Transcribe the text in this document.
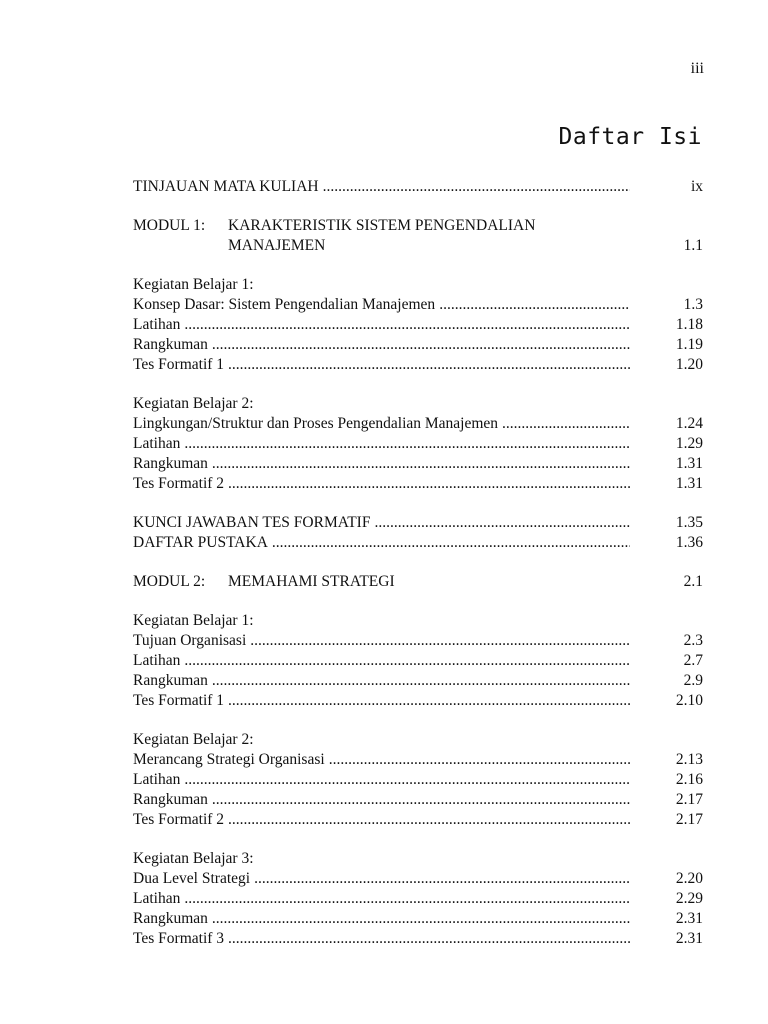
iii
Daftar Isi
TINJAUAN MATA KULIAH .....	ix
MODUL 1:	KARAKTERISTIK SISTEM PENGENDALIAN
MANAJEMEN	1.1
Kegiatan Belajar 1:
Konsep Dasar: Sistem Pengendalian Manajemen .....	1.3
Latihan .....	1.18
Rangkuman .....	1.19
Tes Formatif 1 .....	1.20
Kegiatan Belajar 2:
Lingkungan/Struktur dan Proses Pengendalian Manajemen .....	1.24
Latihan .....	1.29
Rangkuman .....	1.31
Tes Formatif 2 .....	1.31
KUNCI JAWABAN TES FORMATIF .....	1.35
DAFTAR PUSTAKA .....	1.36
MODUL 2:	MEMAHAMI STRATEGI	2.1
Kegiatan Belajar 1:
Tujuan Organisasi .....	2.3
Latihan .....	2.7
Rangkuman .....	2.9
Tes Formatif 1 .....	2.10
Kegiatan Belajar 2:
Merancang Strategi Organisasi .....	2.13
Latihan .....	2.16
Rangkuman .....	2.17
Tes Formatif 2 .....	2.17
Kegiatan Belajar 3:
Dua Level Strategi .....	2.20
Latihan .....	2.29
Rangkuman .....	2.31
Tes Formatif 3 .....	2.31
